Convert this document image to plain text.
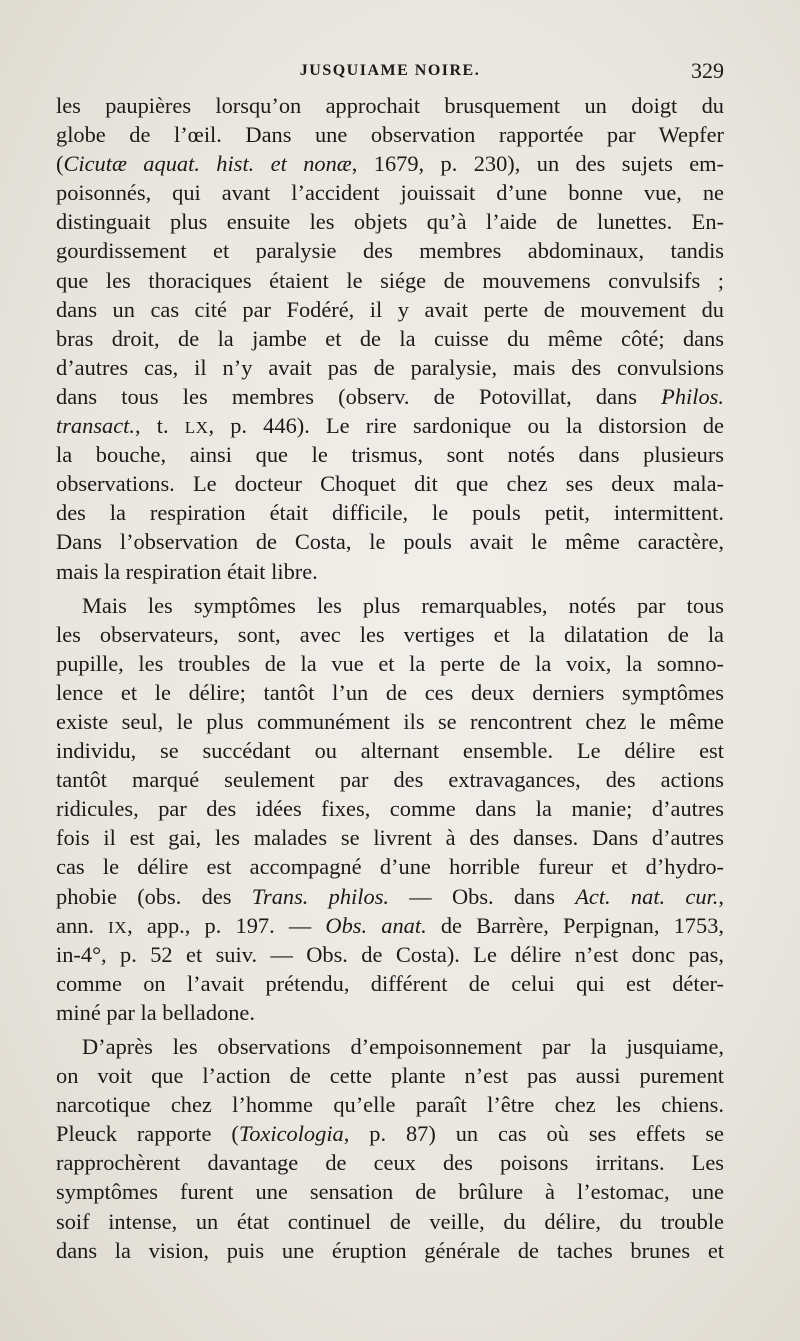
JUSQUIAME NOIRE.	329
les paupières lorsqu’on approchait brusquement un doigt du
globe de l’œil. Dans une observation rapportée par Wepfer
(Cicutæ aquat. hist. et nonæ, 1679, p. 230), un des sujets em-
poisonnés, qui avant l’accident jouissait d’une bonne vue, ne
distinguait plus ensuite les objets qu’à l’aide de lunettes. En-
gourdissement et paralysie des membres abdominaux, tandis
que les thoraciques étaient le siége de mouvemens convulsifs ;
dans un cas cité par Fodéré, il y avait perte de mouvement du
bras droit, de la jambe et de la cuisse du même côté; dans
d’autres cas, il n’y avait pas de paralysie, mais des convulsions
dans tous les membres (observ. de Potovillat, dans Philos.
transact., t. LX, p. 446). Le rire sardonique ou la distorsion de
la bouche, ainsi que le trismus, sont notés dans plusieurs
observations. Le docteur Choquet dit que chez ses deux mala-
des la respiration était difficile, le pouls petit, intermittent.
Dans l’observation de Costa, le pouls avait le même caractère,
mais la respiration était libre.
Mais les symptômes les plus remarquables, notés par tous
les observateurs, sont, avec les vertiges et la dilatation de la
pupille, les troubles de la vue et la perte de la voix, la somno-
lence et le délire; tantôt l’un de ces deux derniers symptômes
existe seul, le plus communément ils se rencontrent chez le même
individu, se succédant ou alternant ensemble. Le délire est
tantôt marqué seulement par des extravagances, des actions
ridicules, par des idées fixes, comme dans la manie; d’autres
fois il est gai, les malades se livrent à des danses. Dans d’autres
cas le délire est accompagné d’une horrible fureur et d’hydro-
phobie (obs. des Trans. philos. — Obs. dans Act. nat. cur.,
ann. IX, app., p. 197. — Obs. anat. de Barrère, Perpignan, 1753,
in-4°, p. 52 et suiv. — Obs. de Costa). Le délire n’est donc pas,
comme on l’avait prétendu, différent de celui qui est déter-
miné par la belladone.
D’après les observations d’empoisonnement par la jusquiame,
on voit que l’action de cette plante n’est pas aussi purement
narcotique chez l’homme qu’elle paraît l’être chez les chiens.
Pleuck rapporte (Toxicologia, p. 87) un cas où ses effets se
rapprochèrent davantage de ceux des poisons irritans. Les
symptômes furent une sensation de brûlure à l’estomac, une
soif intense, un état continuel de veille, du délire, du trouble
dans la vision, puis une éruption générale de taches brunes et
